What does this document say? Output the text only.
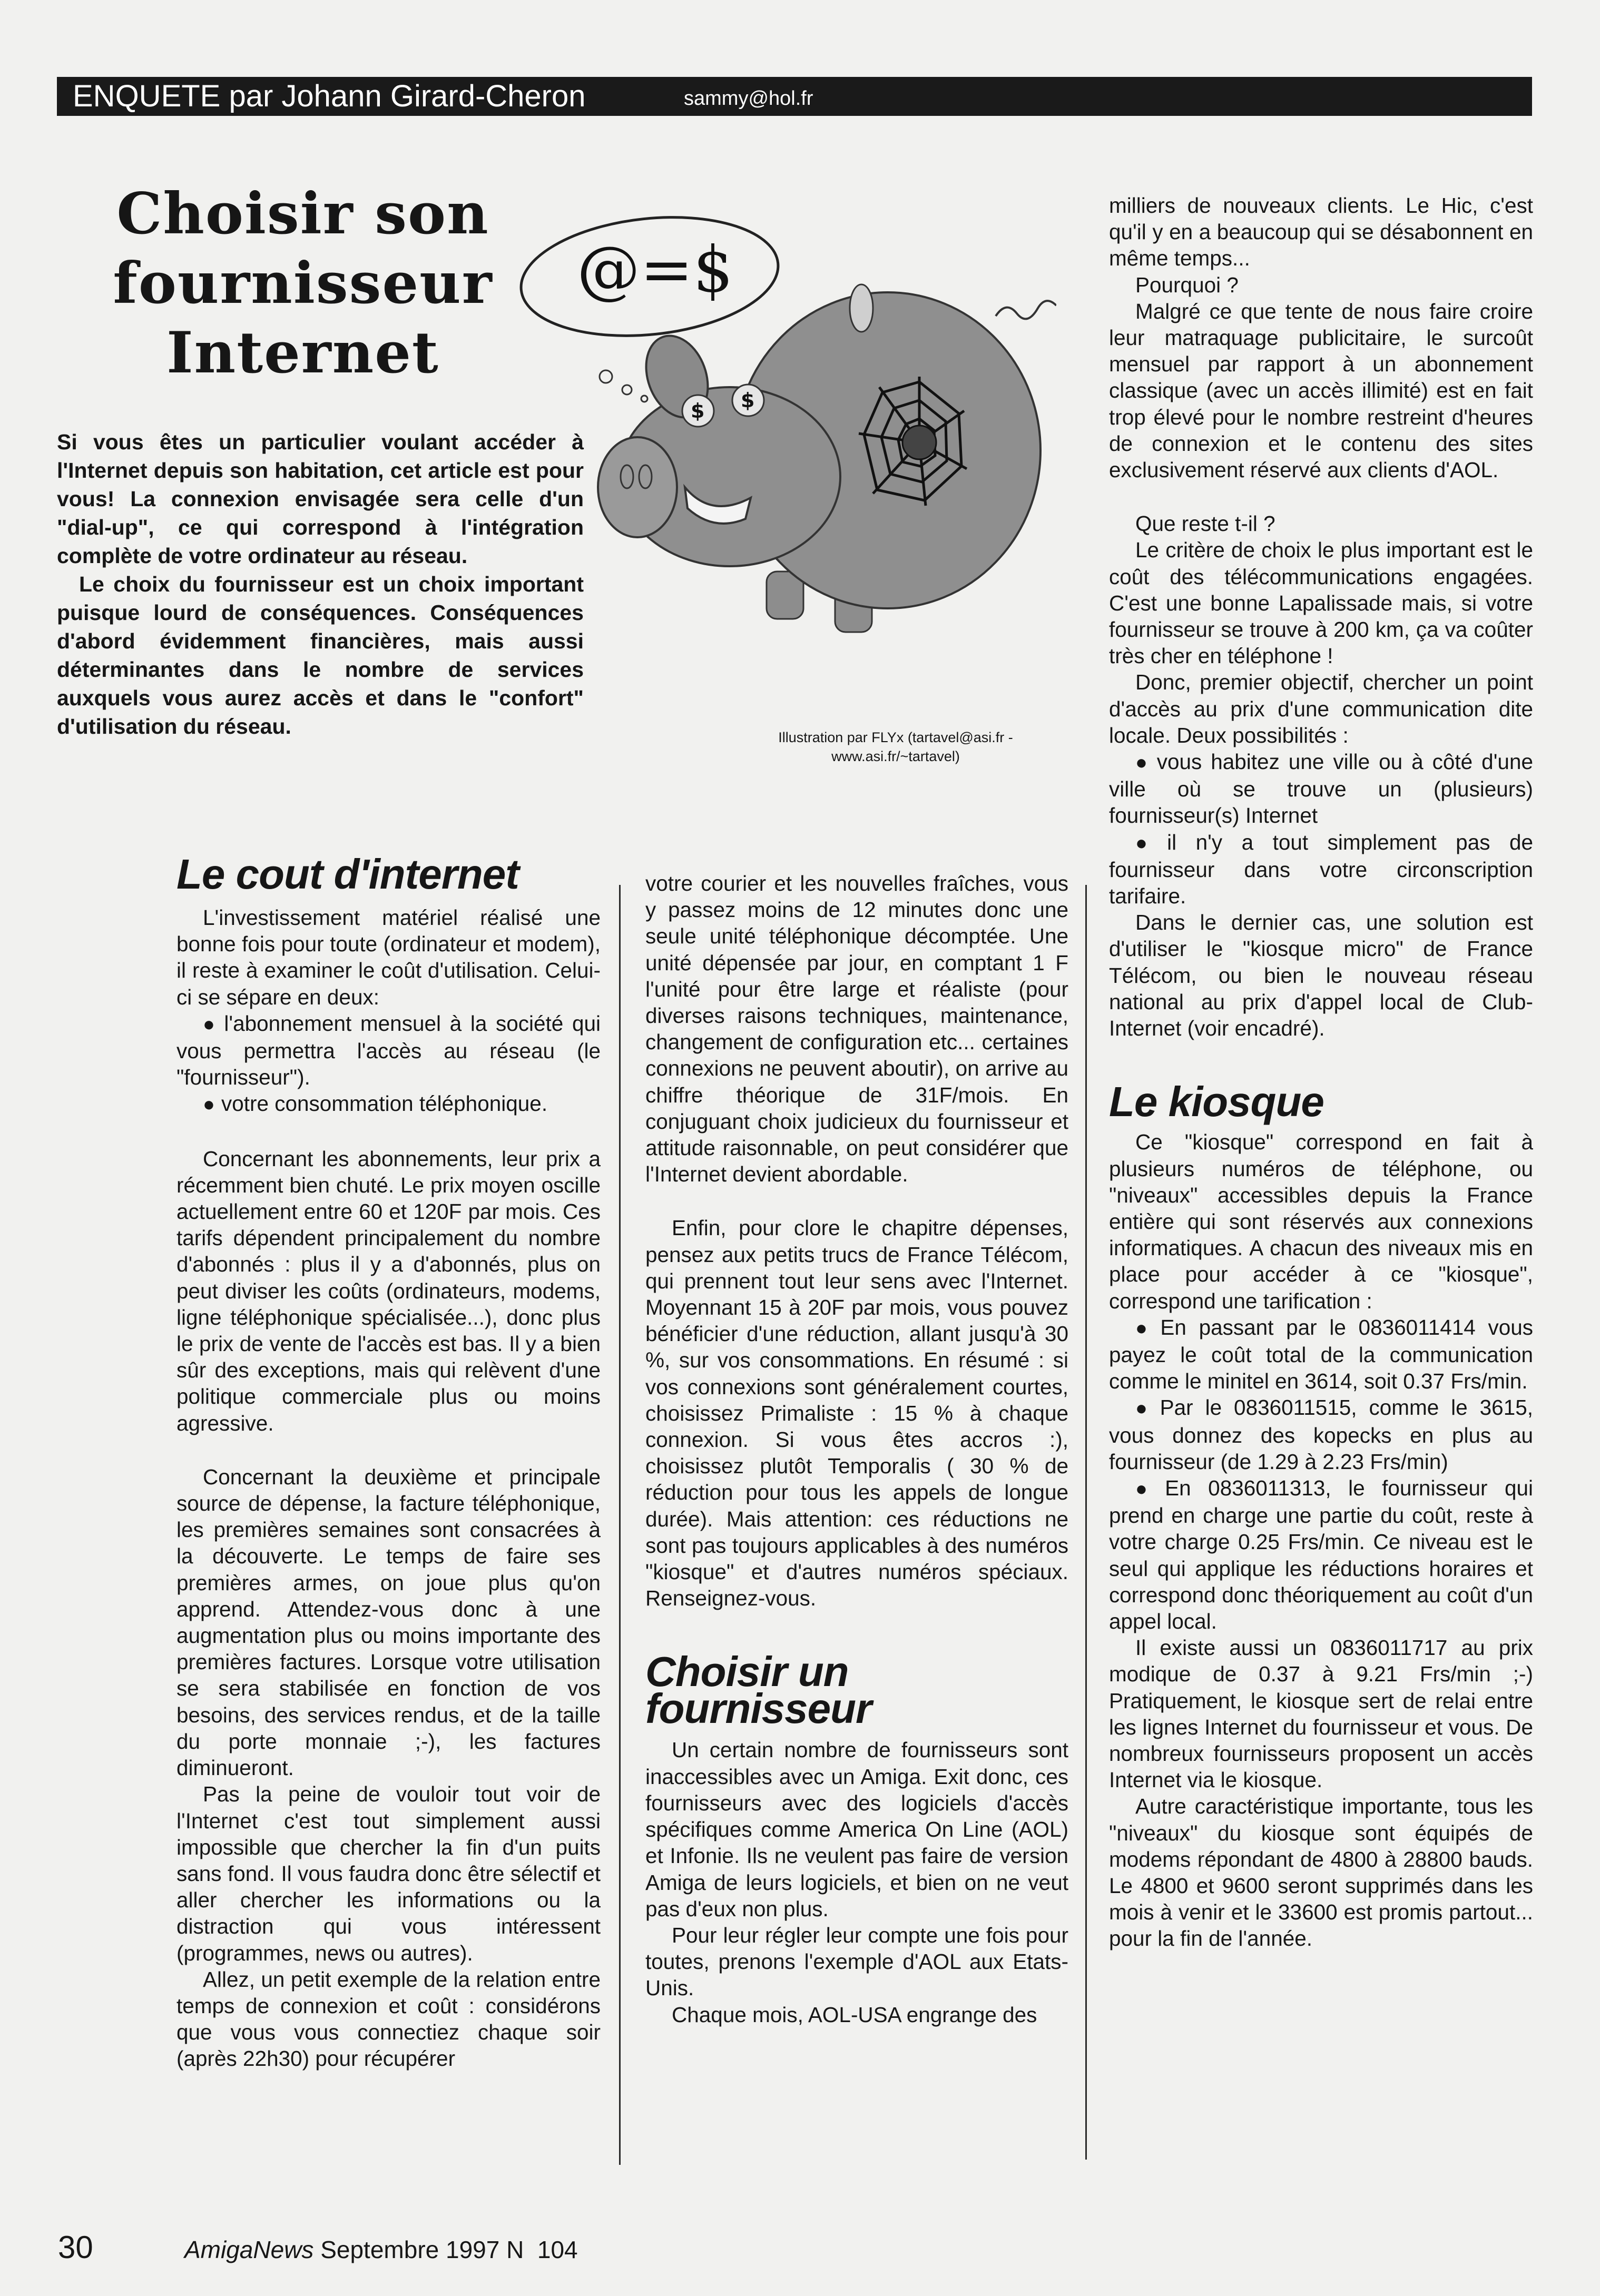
ENQUETE par Johann Girard-Cheron	sammy@hol.fr
Choisir son
fournisseur
Internet

Si vous êtes un particulier voulant accéder à l'Internet depuis son habitation, cet article est pour vous! La connexion envisagée sera celle d'un "dial-up", ce qui correspond à l'intégration complète de votre ordinateur au réseau.

Le choix du fournisseur est un choix important puisque lourd de conséquences. Conséquences d'abord évidemment financières, mais aussi déterminantes dans le nombre de services auxquels vous aurez accès et dans le "confort" d'utilisation du réseau.

@=$
$ $
Illustration par FLYx (tartavel@asi.fr - www.asi.fr/~tartavel)
Le cout d'internet

L'investissement matériel réalisé une bonne fois pour toute (ordinateur et modem), il reste à examiner le coût d'utilisation. Celui-ci se sépare en deux:

● l'abonnement mensuel à la société qui vous permettra l'accès au réseau (le "fournisseur").

● votre consommation téléphonique.

Concernant les abonnements, leur prix a récemment bien chuté. Le prix moyen oscille actuellement entre 60 et 120F par mois. Ces tarifs dépendent principalement du nombre d'abonnés : plus il y a d'abonnés, plus on peut diviser les coûts (ordinateurs, modems, ligne téléphonique spécialisée...), donc plus le prix de vente de l'accès est bas. Il y a bien sûr des exceptions, mais qui relèvent d'une politique commerciale plus ou moins agressive.

Concernant la deuxième et principale source de dépense, la facture téléphonique, les premières semaines sont consacrées à la découverte. Le temps de faire ses premières armes, on joue plus qu'on apprend. Attendez-vous donc à une augmentation plus ou moins importante des premières factures. Lorsque votre utilisation se sera stabilisée en fonction de vos besoins, des services rendus, et de la taille du porte monnaie ;-), les factures diminueront.

Pas la peine de vouloir tout voir de l'Internet c'est tout simplement aussi impossible que chercher la fin d'un puits sans fond. Il vous faudra donc être sélectif et aller chercher les informations ou la distraction qui vous intéressent (programmes, news ou autres).

Allez, un petit exemple de la relation entre temps de connexion et coût : considérons que vous vous connectiez chaque soir (après 22h30) pour récupérer

votre courier et les nouvelles fraîches, vous y passez moins de 12 minutes donc une seule unité téléphonique décomptée. Une unité dépensée par jour, en comptant 1 F l'unité pour être large et réaliste (pour diverses raisons techniques, maintenance, changement de configuration etc... certaines connexions ne peuvent aboutir), on arrive au chiffre théorique de 31F/mois. En conjuguant choix judicieux du fournisseur et attitude raisonnable, on peut considérer que l'Internet devient abordable.

Enfin, pour clore le chapitre dépenses, pensez aux petits trucs de France Télécom, qui prennent tout leur sens avec l'Internet. Moyennant 15 à 20F par mois, vous pouvez bénéficier d'une réduction, allant jusqu'à 30 %, sur vos consommations. En résumé : si vos connexions sont généralement courtes, choisissez Primaliste : 15 % à chaque connexion. Si vous êtes accros :), choisissez plutôt Temporalis ( 30 % de réduction pour tous les appels de longue durée). Mais attention: ces réductions ne sont pas toujours applicables à des numéros "kiosque" et d'autres numéros spéciaux. Renseignez-vous.

Choisir un
fournisseur

Un certain nombre de fournisseurs sont inaccessibles avec un Amiga. Exit donc, ces fournisseurs avec des logiciels d'accès spécifiques comme America On Line (AOL) et Infonie. Ils ne veulent pas faire de version Amiga de leurs logiciels, et bien on ne veut pas d'eux non plus.

Pour leur régler leur compte une fois pour toutes, prenons l'exemple d'AOL aux Etats-Unis.

Chaque mois, AOL-USA engrange des

milliers de nouveaux clients. Le Hic, c'est qu'il y en a beaucoup qui se désabonnent en même temps...

Pourquoi ?

Malgré ce que tente de nous faire croire leur matraquage publicitaire, le surcoût mensuel par rapport à un abonnement classique (avec un accès illimité) est en fait trop élevé pour le nombre restreint d'heures de connexion et le contenu des sites exclusivement réservé aux clients d'AOL.

Que reste t-il ?

Le critère de choix le plus important est le coût des télécommunications engagées. C'est une bonne Lapalissade mais, si votre fournisseur se trouve à 200 km, ça va coûter très cher en téléphone !

Donc, premier objectif, chercher un point d'accès au prix d'une communication dite locale. Deux possibilités :

● vous habitez une ville ou à côté d'une ville où se trouve un (plusieurs) fournisseur(s) Internet

● il n'y a tout simplement pas de fournisseur dans votre circonscription tarifaire.

Dans le dernier cas, une solution est d'utiliser le "kiosque micro" de France Télécom, ou bien le nouveau réseau national au prix d'appel local de Club-Internet (voir encadré).

Le kiosque

Ce "kiosque" correspond en fait à plusieurs numéros de téléphone, ou "niveaux" accessibles depuis la France entière qui sont réservés aux connexions informatiques. A chacun des niveaux mis en place pour accéder à ce "kiosque", correspond une tarification :

● En passant par le 0836011414 vous payez le coût total de la communication comme le minitel en 3614, soit 0.37 Frs/min.

● Par le 0836011515, comme le 3615, vous donnez des kopecks en plus au fournisseur (de 1.29 à 2.23 Frs/min)

● En 0836011313, le fournisseur qui prend en charge une partie du coût, reste à votre charge 0.25 Frs/min. Ce niveau est le seul qui applique les réductions horaires et correspond donc théoriquement au coût d'un appel local.

Il existe aussi un 0836011717 au prix modique de 0.37 à 9.21 Frs/min ;-) Pratiquement, le kiosque sert de relai entre les lignes Internet du fournisseur et vous. De nombreux fournisseurs proposent un accès Internet via le kiosque.

Autre caractéristique importante, tous les "niveaux" du kiosque sont équipés de modems répondant de 4800 à 28800 bauds. Le 4800 et 9600 seront supprimés dans les mois à venir et le 33600 est promis partout... pour la fin de l'année.

30	AmigaNews Septembre 1997 N  104
